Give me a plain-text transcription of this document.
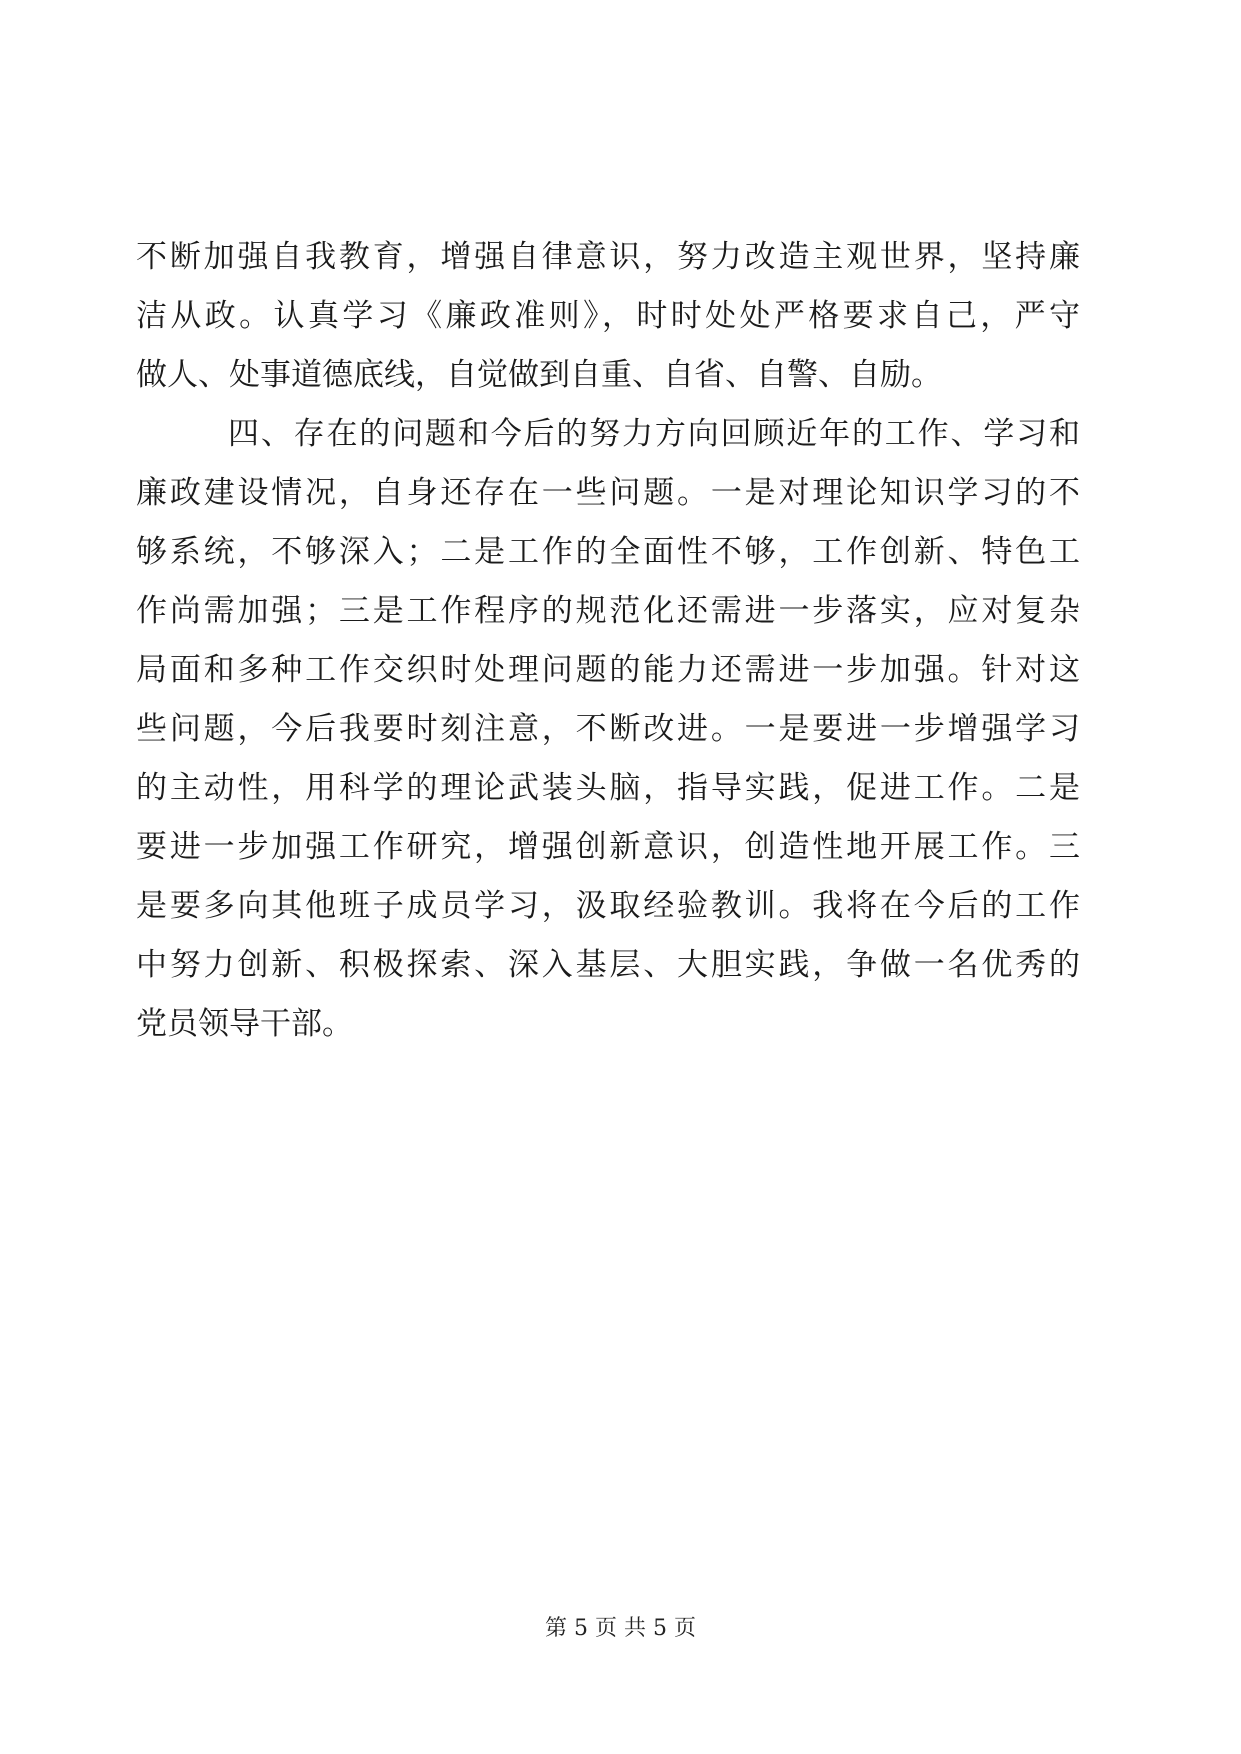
不断加强自我教育，增强自律意识，努力改造主观世界，坚持廉
洁从政。认真学习《廉政准则》，时时处处严格要求自己，严守
做人、处事道德底线，自觉做到自重、自省、自警、自励。
四、存在的问题和今后的努力方向回顾近年的工作、学习和
廉政建设情况，自身还存在一些问题。一是对理论知识学习的不
够系统，不够深入；二是工作的全面性不够，工作创新、特色工
作尚需加强；三是工作程序的规范化还需进一步落实，应对复杂
局面和多种工作交织时处理问题的能力还需进一步加强。针对这
些问题，今后我要时刻注意，不断改进。一是要进一步增强学习
的主动性，用科学的理论武装头脑，指导实践，促进工作。二是
要进一步加强工作研究，增强创新意识，创造性地开展工作。三
是要多向其他班子成员学习，汲取经验教训。我将在今后的工作
中努力创新、积极探索、深入基层、大胆实践，争做一名优秀的
党员领导干部。
第 5 页 共 5 页
